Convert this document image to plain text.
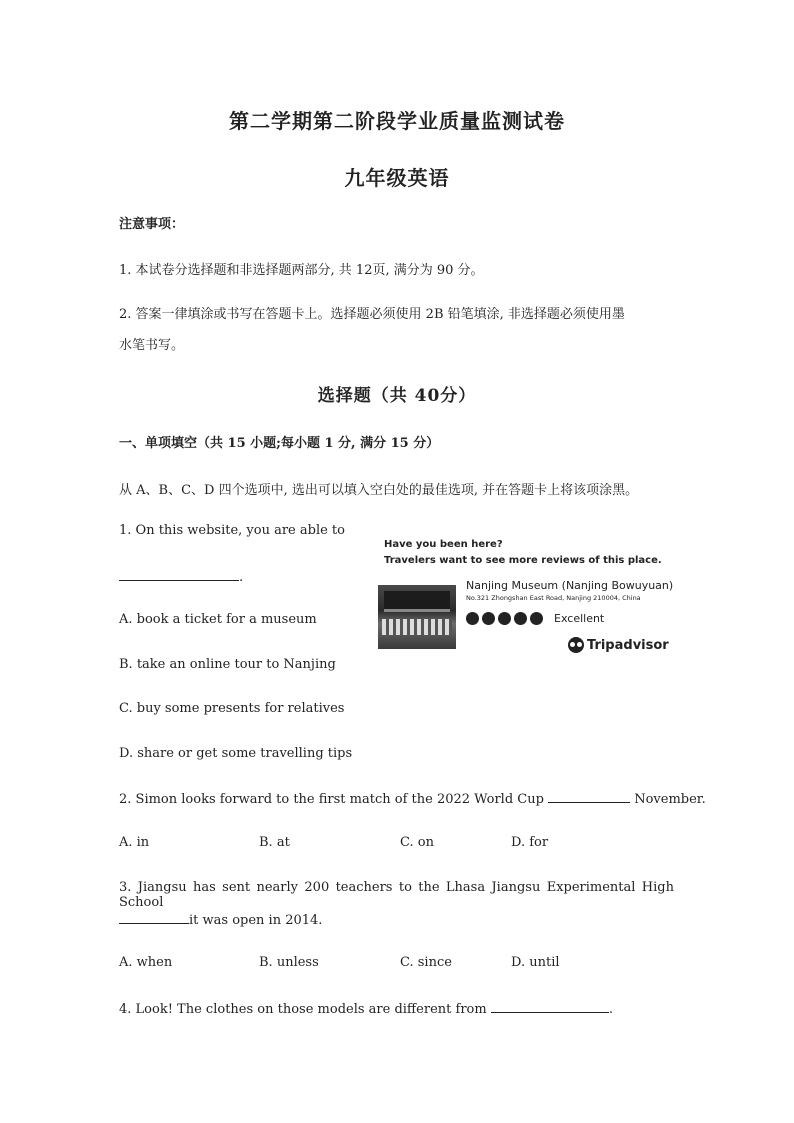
第二学期第二阶段学业质量监测试卷
九年级英语
注意事项：
1. 本试卷分选择题和非选择题两部分, 共 12页, 满分为 90 分。
2. 答案一律填涂或书写在答题卡上。选择题必须使用 2B 铅笔填涂, 非选择题必须使用墨
水笔书写。
选择题（共 40分）
一、单项填空（共 15 小题;每小题 1 分, 满分 15 分）
从 A、B、C、D 四个选项中, 选出可以填入空白处的最佳选项, 并在答题卡上将该项涂黑。
1. On this website, you are able to
.
A. book a ticket for a museum
B. take an online tour to Nanjing
C. buy some presents for relatives
D. share or get some travelling tips
Have you been here?
Travelers want to see more reviews of this place.
Nanjing Museum (Nanjing Bowuyuan)
No.321 Zhongshan East Road, Nanjing 210004, China
Excellent
Tripadvisor
2. Simon looks forward to the first match of the 2022 World Cup	November.
A. in	B. at	C. on	D. for
3. Jiangsu has sent nearly 200 teachers to the Lhasa Jiangsu Experimental High School
it was open in 2014.
A. when	B. unless	C. since	D. until
4. Look! The clothes on those models are different from	.
